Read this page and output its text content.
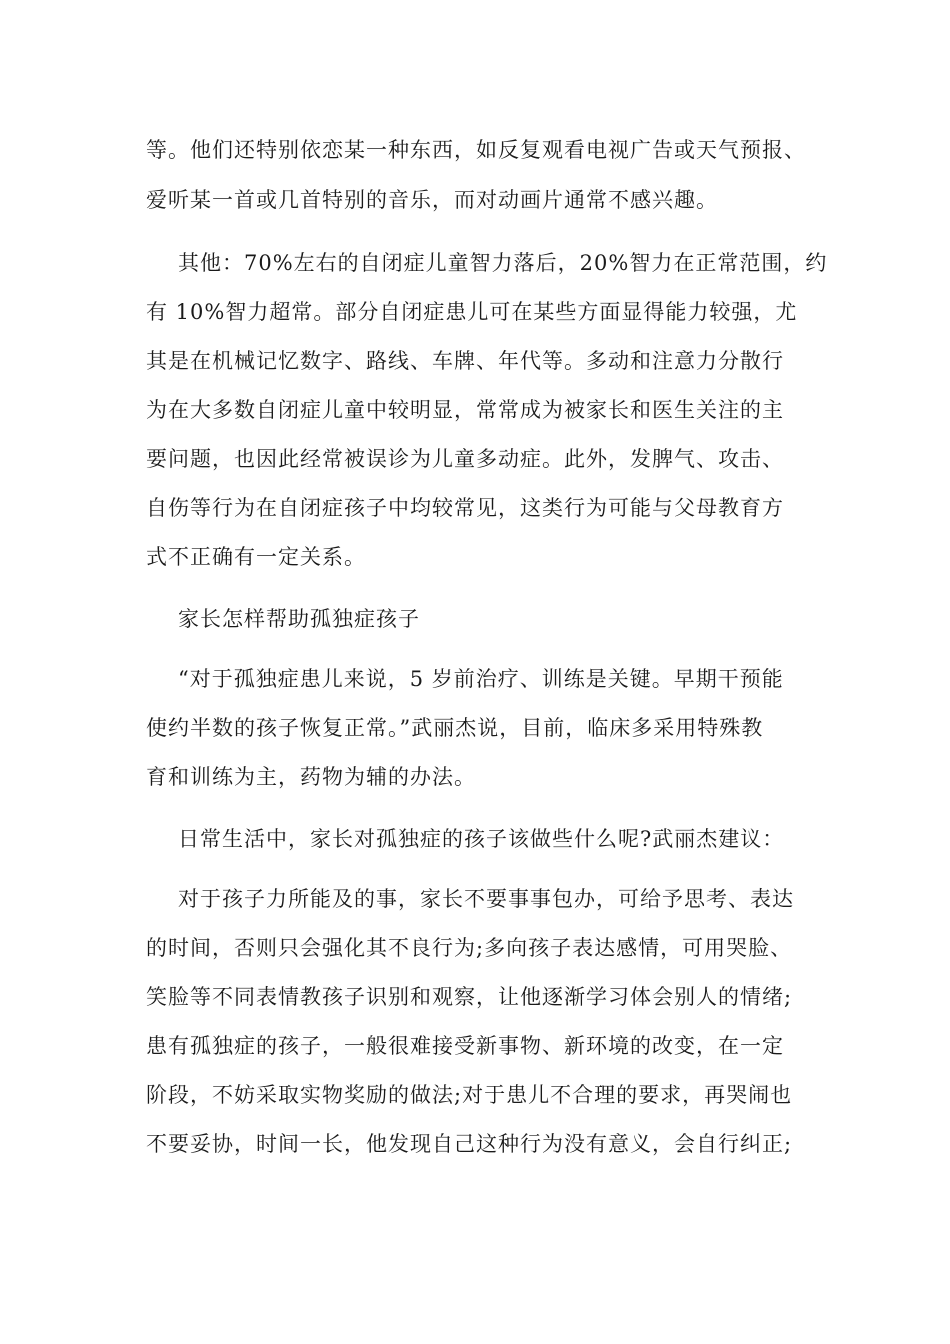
等。他们还特别依恋某一种东西，如反复观看电视广告或天气预报、
爱听某一首或几首特别的音乐，而对动画片通常不感兴趣。
其他：70%左右的自闭症儿童智力落后，20%智力在正常范围，约
有 10%智力超常。部分自闭症患儿可在某些方面显得能力较强，尤
其是在机械记忆数字、路线、车牌、年代等。多动和注意力分散行
为在大多数自闭症儿童中较明显，常常成为被家长和医生关注的主
要问题，也因此经常被误诊为儿童多动症。此外，发脾气、攻击、
自伤等行为在自闭症孩子中均较常见，这类行为可能与父母教育方
式不正确有一定关系。
家长怎样帮助孤独症孩子
“对于孤独症患儿来说，5 岁前治疗、训练是关键。早期干预能
使约半数的孩子恢复正常。”武丽杰说，目前，临床多采用特殊教
育和训练为主，药物为辅的办法。
日常生活中，家长对孤独症的孩子该做些什么呢?武丽杰建议：
对于孩子力所能及的事，家长不要事事包办，可给予思考、表达
的时间，否则只会强化其不良行为;多向孩子表达感情，可用哭脸、
笑脸等不同表情教孩子识别和观察，让他逐渐学习体会别人的情绪;
患有孤独症的孩子，一般很难接受新事物、新环境的改变，在一定
阶段，不妨采取实物奖励的做法;对于患儿不合理的要求，再哭闹也
不要妥协，时间一长，他发现自己这种行为没有意义，会自行纠正;
